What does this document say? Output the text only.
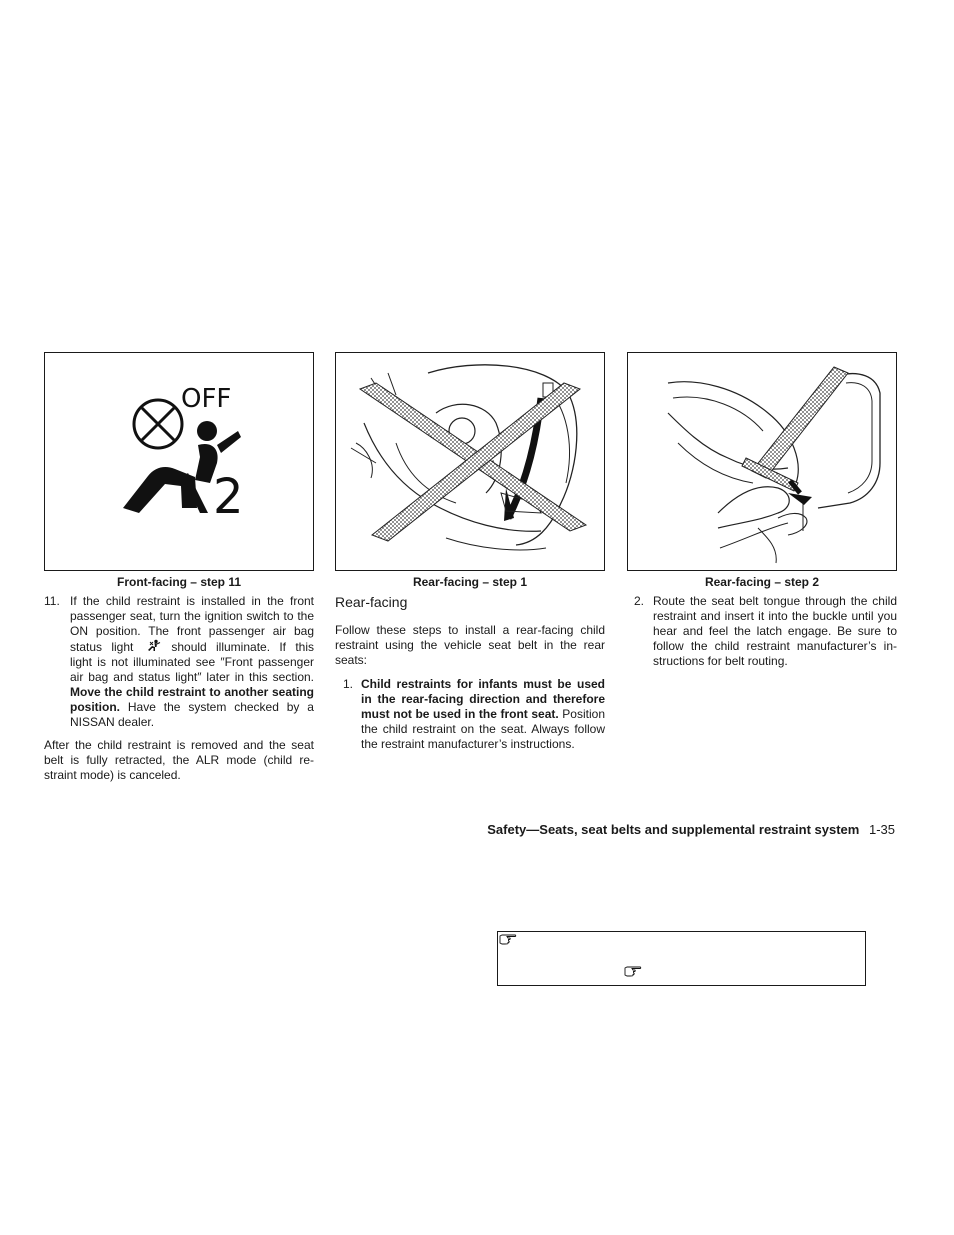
OFF
2
Front-facing – step 11	Rear-facing – step 1	Rear-facing – step 2
11. If the child restraint is installed in the front passenger seat, turn the ignition switch to the ON position. The front passenger air bag status light	should illuminate. If this light is not illuminated see ″Front passenger air bag and status light″ later in this section. Move the child restraint to another seating position. Have the system checked by a NISSAN dealer.

After the child restraint is removed and the seat belt is fully retracted, the ALR mode (child re-straint mode) is canceled.

Rear-facing

Follow these steps to install a rear-facing child restraint using the vehicle seat belt in the rear seats:

1. Child restraints for infants must be used in the rear-facing direction and therefore must not be used in the front seat. Position the child restraint on the seat. Always follow the restraint manufacturer’s instructions.

2. Route the seat belt tongue through the child restraint and insert it into the buckle until you hear and feel the latch engage. Be sure to follow the child restraint manufacturer’s in-structions for belt routing.

Safety—Seats, seat belts and supplemental restraint system 1-35
